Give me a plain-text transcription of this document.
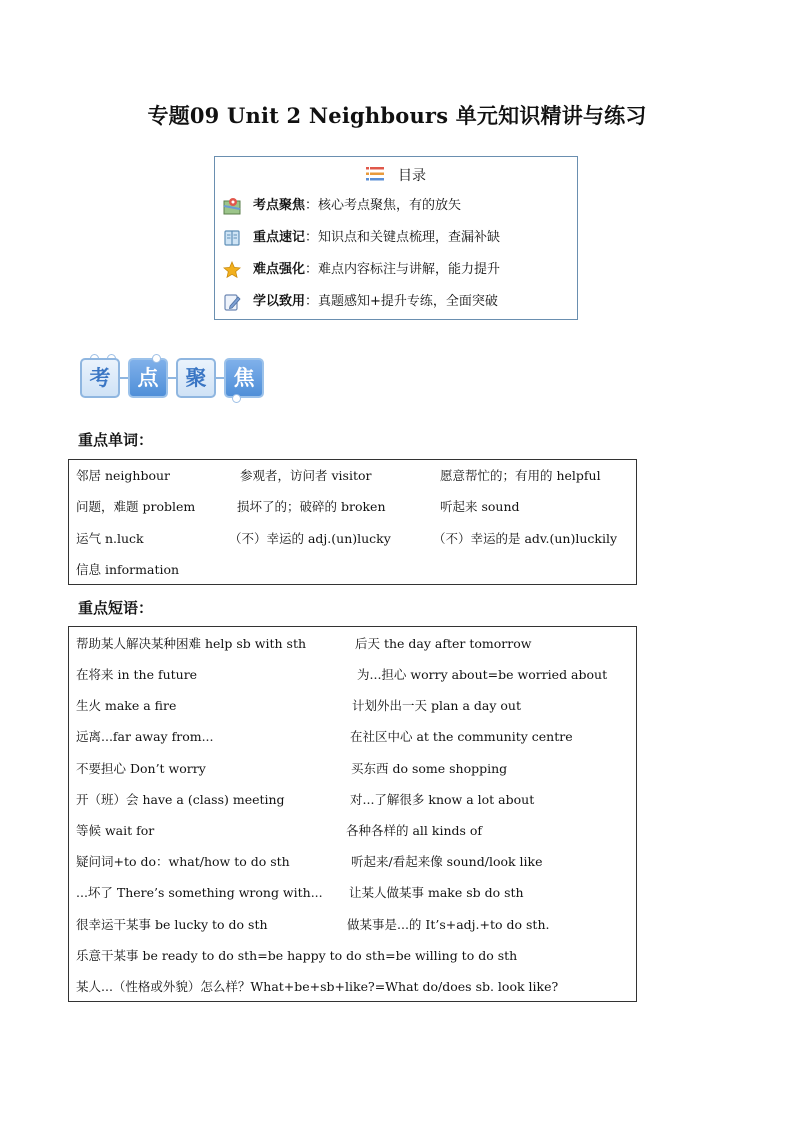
专题09 Unit 2 Neighbours 单元知识精讲与练习
目录
考点聚焦：核心考点聚焦，有的放矢
重点速记：知识点和关键点梳理，查漏补缺
难点强化：难点内容标注与讲解，能力提升
学以致用：真题感知+提升专练，全面突破
考	点	聚	焦
重点单词：
邻居 neighbour	参观者，访问者 visitor	愿意帮忙的；有用的 helpful
问题，难题 problem	损坏了的；破碎的 broken	听起来 sound
运气 n.luck	（不）幸运的 adj.(un)lucky	（不）幸运的是 adv.(un)luckily
信息 information
重点短语：
帮助某人解决某种困难 help sb with sth	后天 the day after tomorrow
在将来 in the future	为...担心 worry about=be worried about
生火 make a fire	计划外出一天 plan a day out
远离...far away from...	在社区中心 at the community centre
不要担心 Don’t worry	买东西 do some shopping
开（班）会 have a (class) meeting	对...了解很多 know a lot about
等候 wait for	各种各样的 all kinds of
疑问词+to do：what/how to do sth	听起来/看起来像 sound/look like
...坏了 There’s something wrong with... 让某人做某事 make sb do sth
很幸运干某事 be lucky to do sth	做某事是...的 It’s+adj.+to do sth.
乐意干某事 be ready to do sth=be happy to do sth=be willing to do sth
某人...（性格或外貌）怎么样？What+be+sb+like?=What do/does sb. look like?
